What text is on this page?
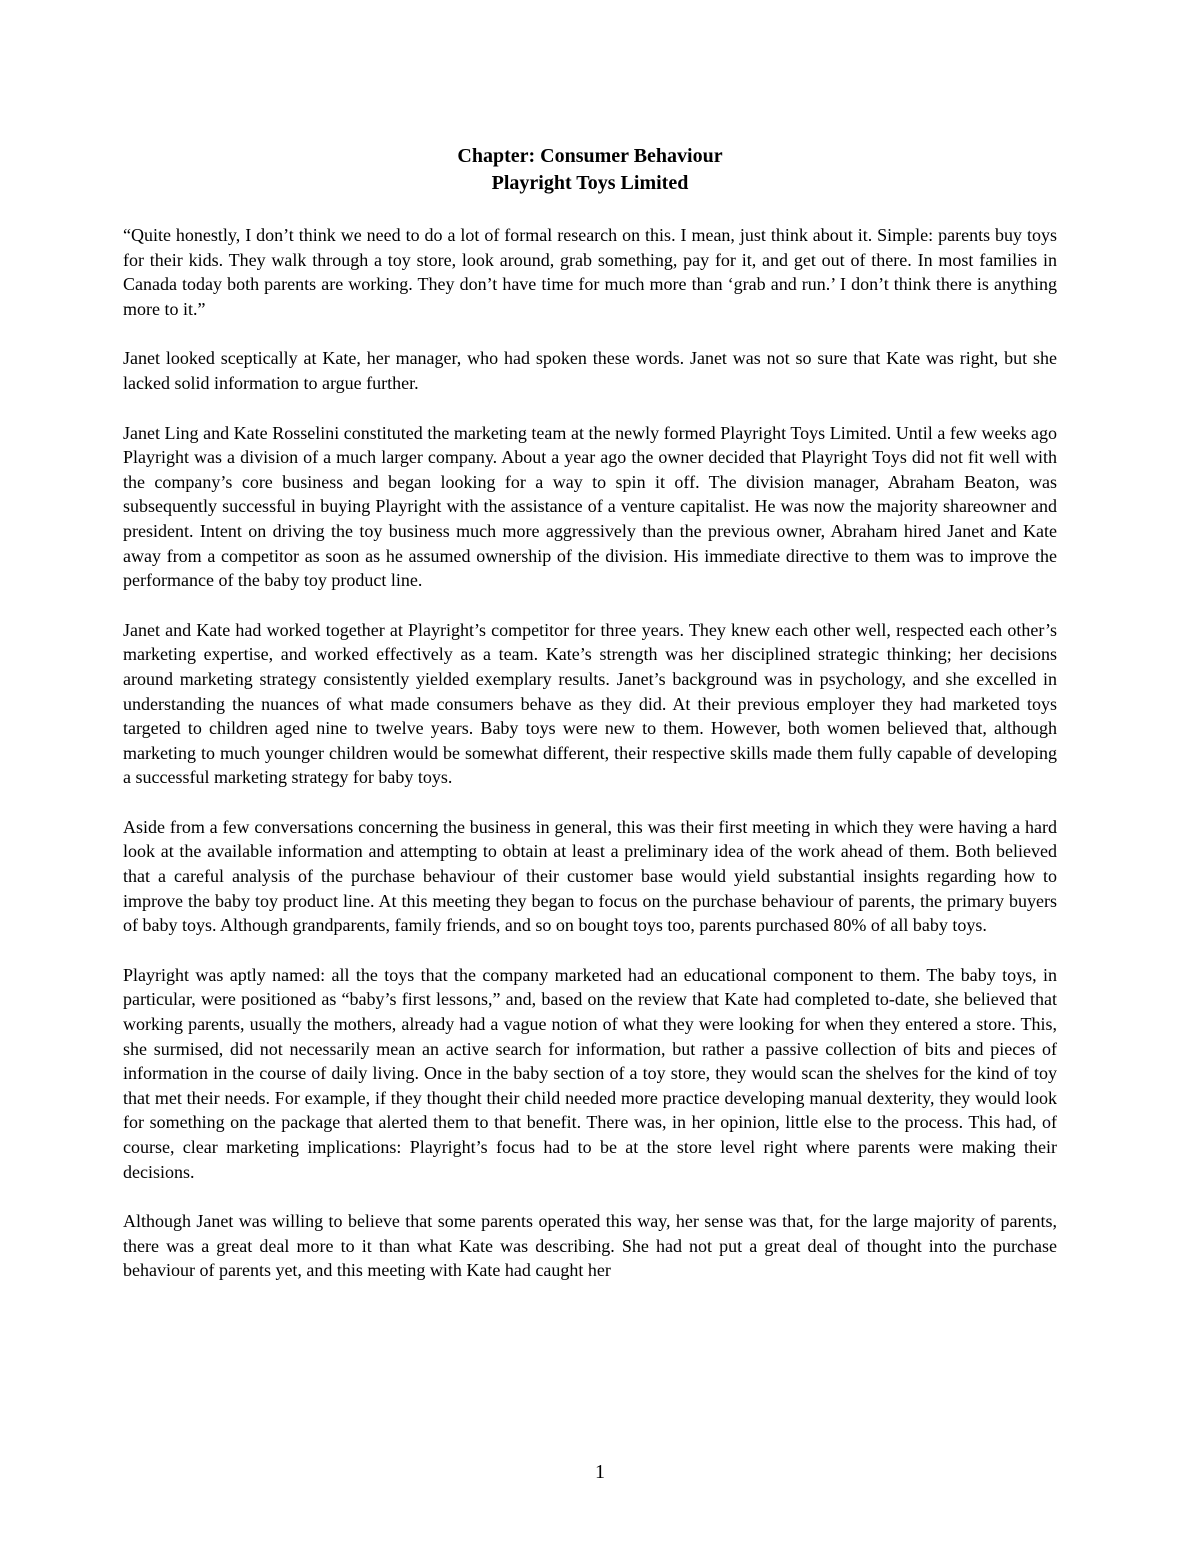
Chapter: Consumer Behaviour
Playright Toys Limited

“Quite honestly, I don’t think we need to do a lot of formal research on this. I mean, just think about it. Simple: parents buy toys for their kids. They walk through a toy store, look around, grab something, pay for it, and get out of there. In most families in Canada today both parents are working. They don’t have time for much more than ‘grab and run.’ I don’t think there is anything more to it.”

Janet looked sceptically at Kate, her manager, who had spoken these words. Janet was not so sure that Kate was right, but she lacked solid information to argue further.

Janet Ling and Kate Rosselini constituted the marketing team at the newly formed Playright Toys Limited. Until a few weeks ago Playright was a division of a much larger company. About a year ago the owner decided that Playright Toys did not fit well with the company’s core business and began looking for a way to spin it off. The division manager, Abraham Beaton, was subsequently successful in buying Playright with the assistance of a venture capitalist. He was now the majority shareowner and president. Intent on driving the toy business much more aggressively than the previous owner, Abraham hired Janet and Kate away from a competitor as soon as he assumed ownership of the division. His immediate directive to them was to improve the performance of the baby toy product line.

Janet and Kate had worked together at Playright’s competitor for three years. They knew each other well, respected each other’s marketing expertise, and worked effectively as a team. Kate’s strength was her disciplined strategic thinking; her decisions around marketing strategy consistently yielded exemplary results. Janet’s background was in psychology, and she excelled in understanding the nuances of what made consumers behave as they did. At their previous employer they had marketed toys targeted to children aged nine to twelve years. Baby toys were new to them. However, both women believed that, although marketing to much younger children would be somewhat different, their respective skills made them fully capable of developing a successful marketing strategy for baby toys.

Aside from a few conversations concerning the business in general, this was their first meeting in which they were having a hard look at the available information and attempting to obtain at least a preliminary idea of the work ahead of them. Both believed that a careful analysis of the purchase behaviour of their customer base would yield substantial insights regarding how to improve the baby toy product line. At this meeting they began to focus on the purchase behaviour of parents, the primary buyers of baby toys. Although grandparents, family friends, and so on bought toys too, parents purchased 80% of all baby toys.

Playright was aptly named: all the toys that the company marketed had an educational component to them. The baby toys, in particular, were positioned as “baby’s first lessons,” and, based on the review that Kate had completed to-date, she believed that working parents, usually the mothers, already had a vague notion of what they were looking for when they entered a store. This, she surmised, did not necessarily mean an active search for information, but rather a passive collection of bits and pieces of information in the course of daily living. Once in the baby section of a toy store, they would scan the shelves for the kind of toy that met their needs. For example, if they thought their child needed more practice developing manual dexterity, they would look for something on the package that alerted them to that benefit. There was, in her opinion, little else to the process. This had, of course, clear marketing implications: Playright’s focus had to be at the store level right where parents were making their decisions.

Although Janet was willing to believe that some parents operated this way, her sense was that, for the large majority of parents, there was a great deal more to it than what Kate was describing. She had not put a great deal of thought into the purchase behaviour of parents yet, and this meeting with Kate had caught her

1
